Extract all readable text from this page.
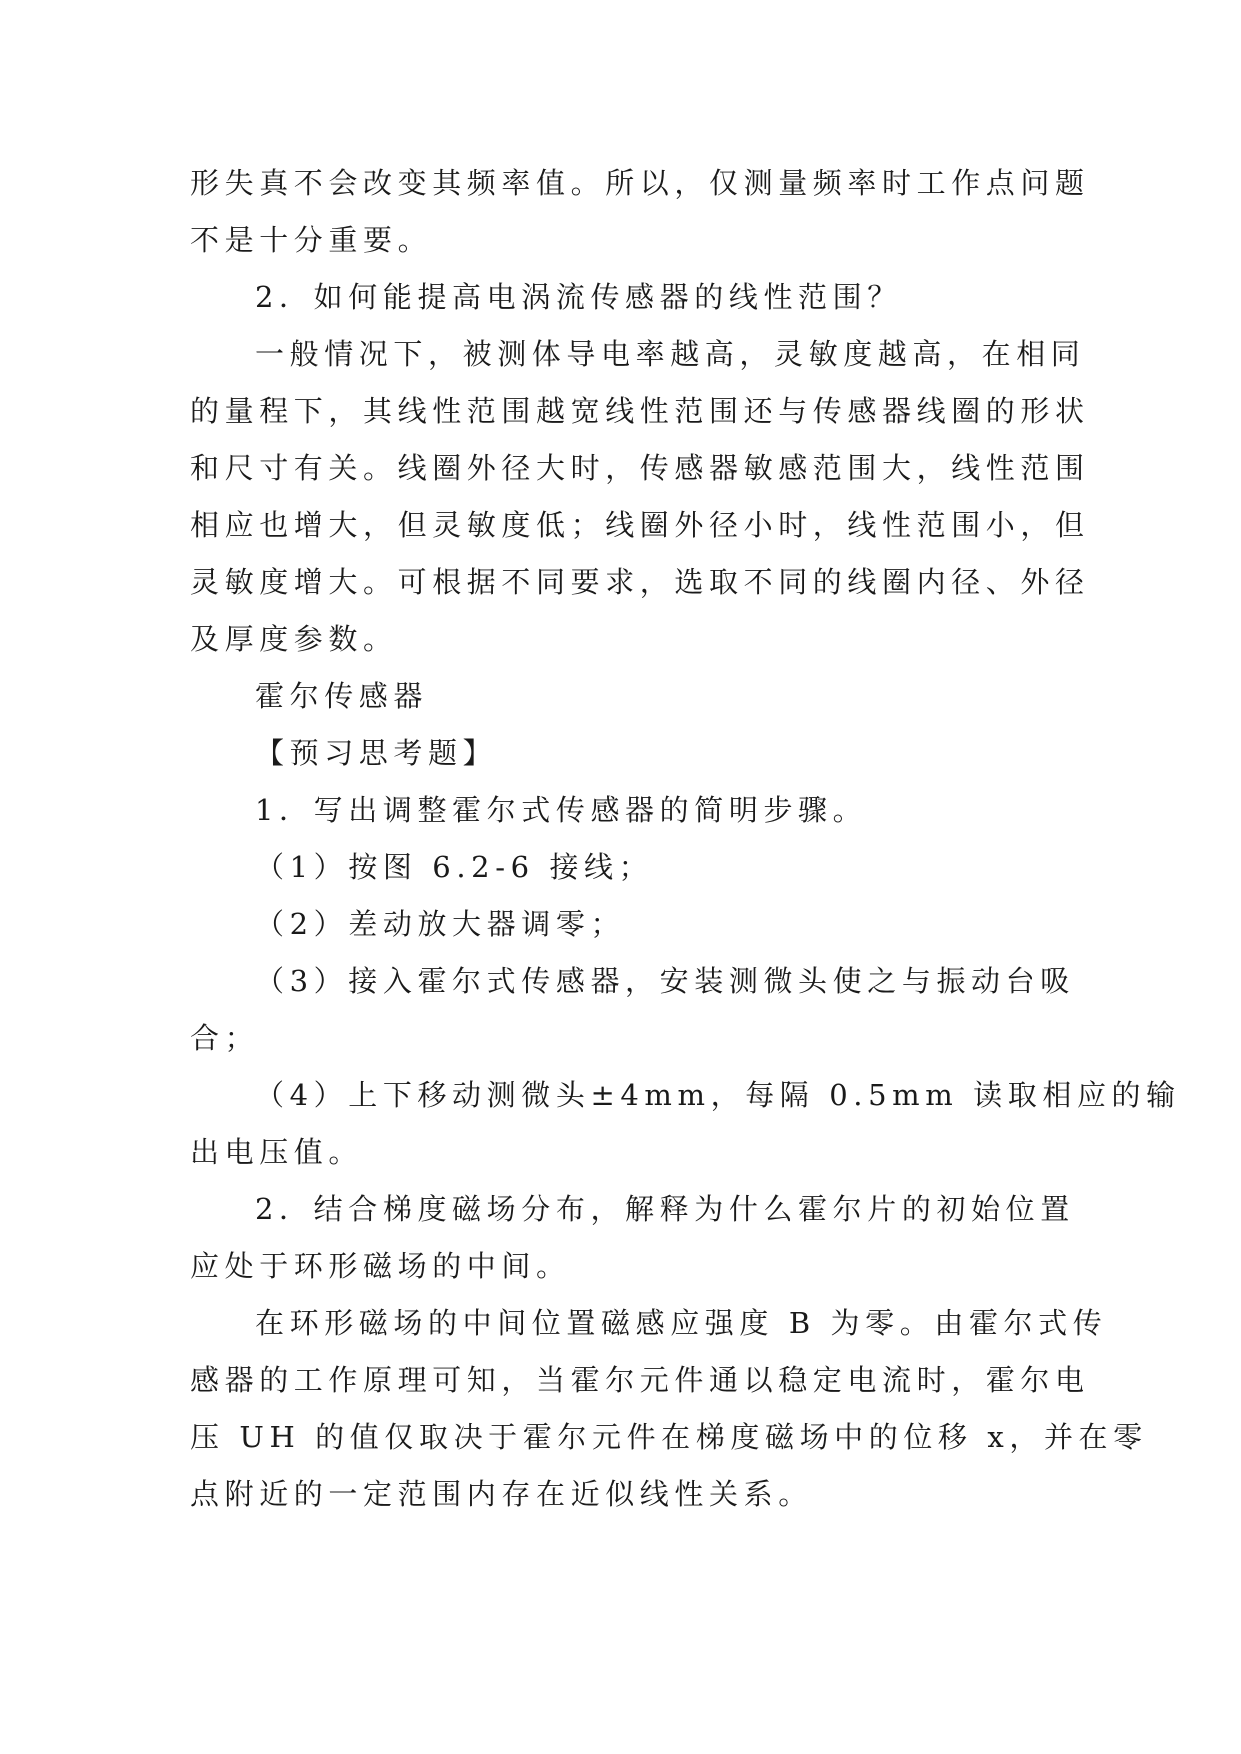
形失真不会改变其频率值。所以，仅测量频率时工作点问题
不是十分重要。
2．如何能提高电涡流传感器的线性范围？
一般情况下，被测体导电率越高，灵敏度越高，在相同
的量程下，其线性范围越宽线性范围还与传感器线圈的形状
和尺寸有关。线圈外径大时，传感器敏感范围大，线性范围
相应也增大，但灵敏度低；线圈外径小时，线性范围小，但
灵敏度增大。可根据不同要求，选取不同的线圈内径、外径
及厚度参数。
霍尔传感器
【预习思考题】
1．写出调整霍尔式传感器的简明步骤。
（1）按图 6.2-6 接线；
（2）差动放大器调零；
（3）接入霍尔式传感器，安装测微头使之与振动台吸
合；
（4）上下移动测微头±4mm，每隔 0.5mm 读取相应的输
出电压值。
2．结合梯度磁场分布，解释为什么霍尔片的初始位置
应处于环形磁场的中间。
在环形磁场的中间位置磁感应强度 B 为零。由霍尔式传
感器的工作原理可知，当霍尔元件通以稳定电流时，霍尔电
压 UH 的值仅取决于霍尔元件在梯度磁场中的位移 x，并在零
点附近的一定范围内存在近似线性关系。
